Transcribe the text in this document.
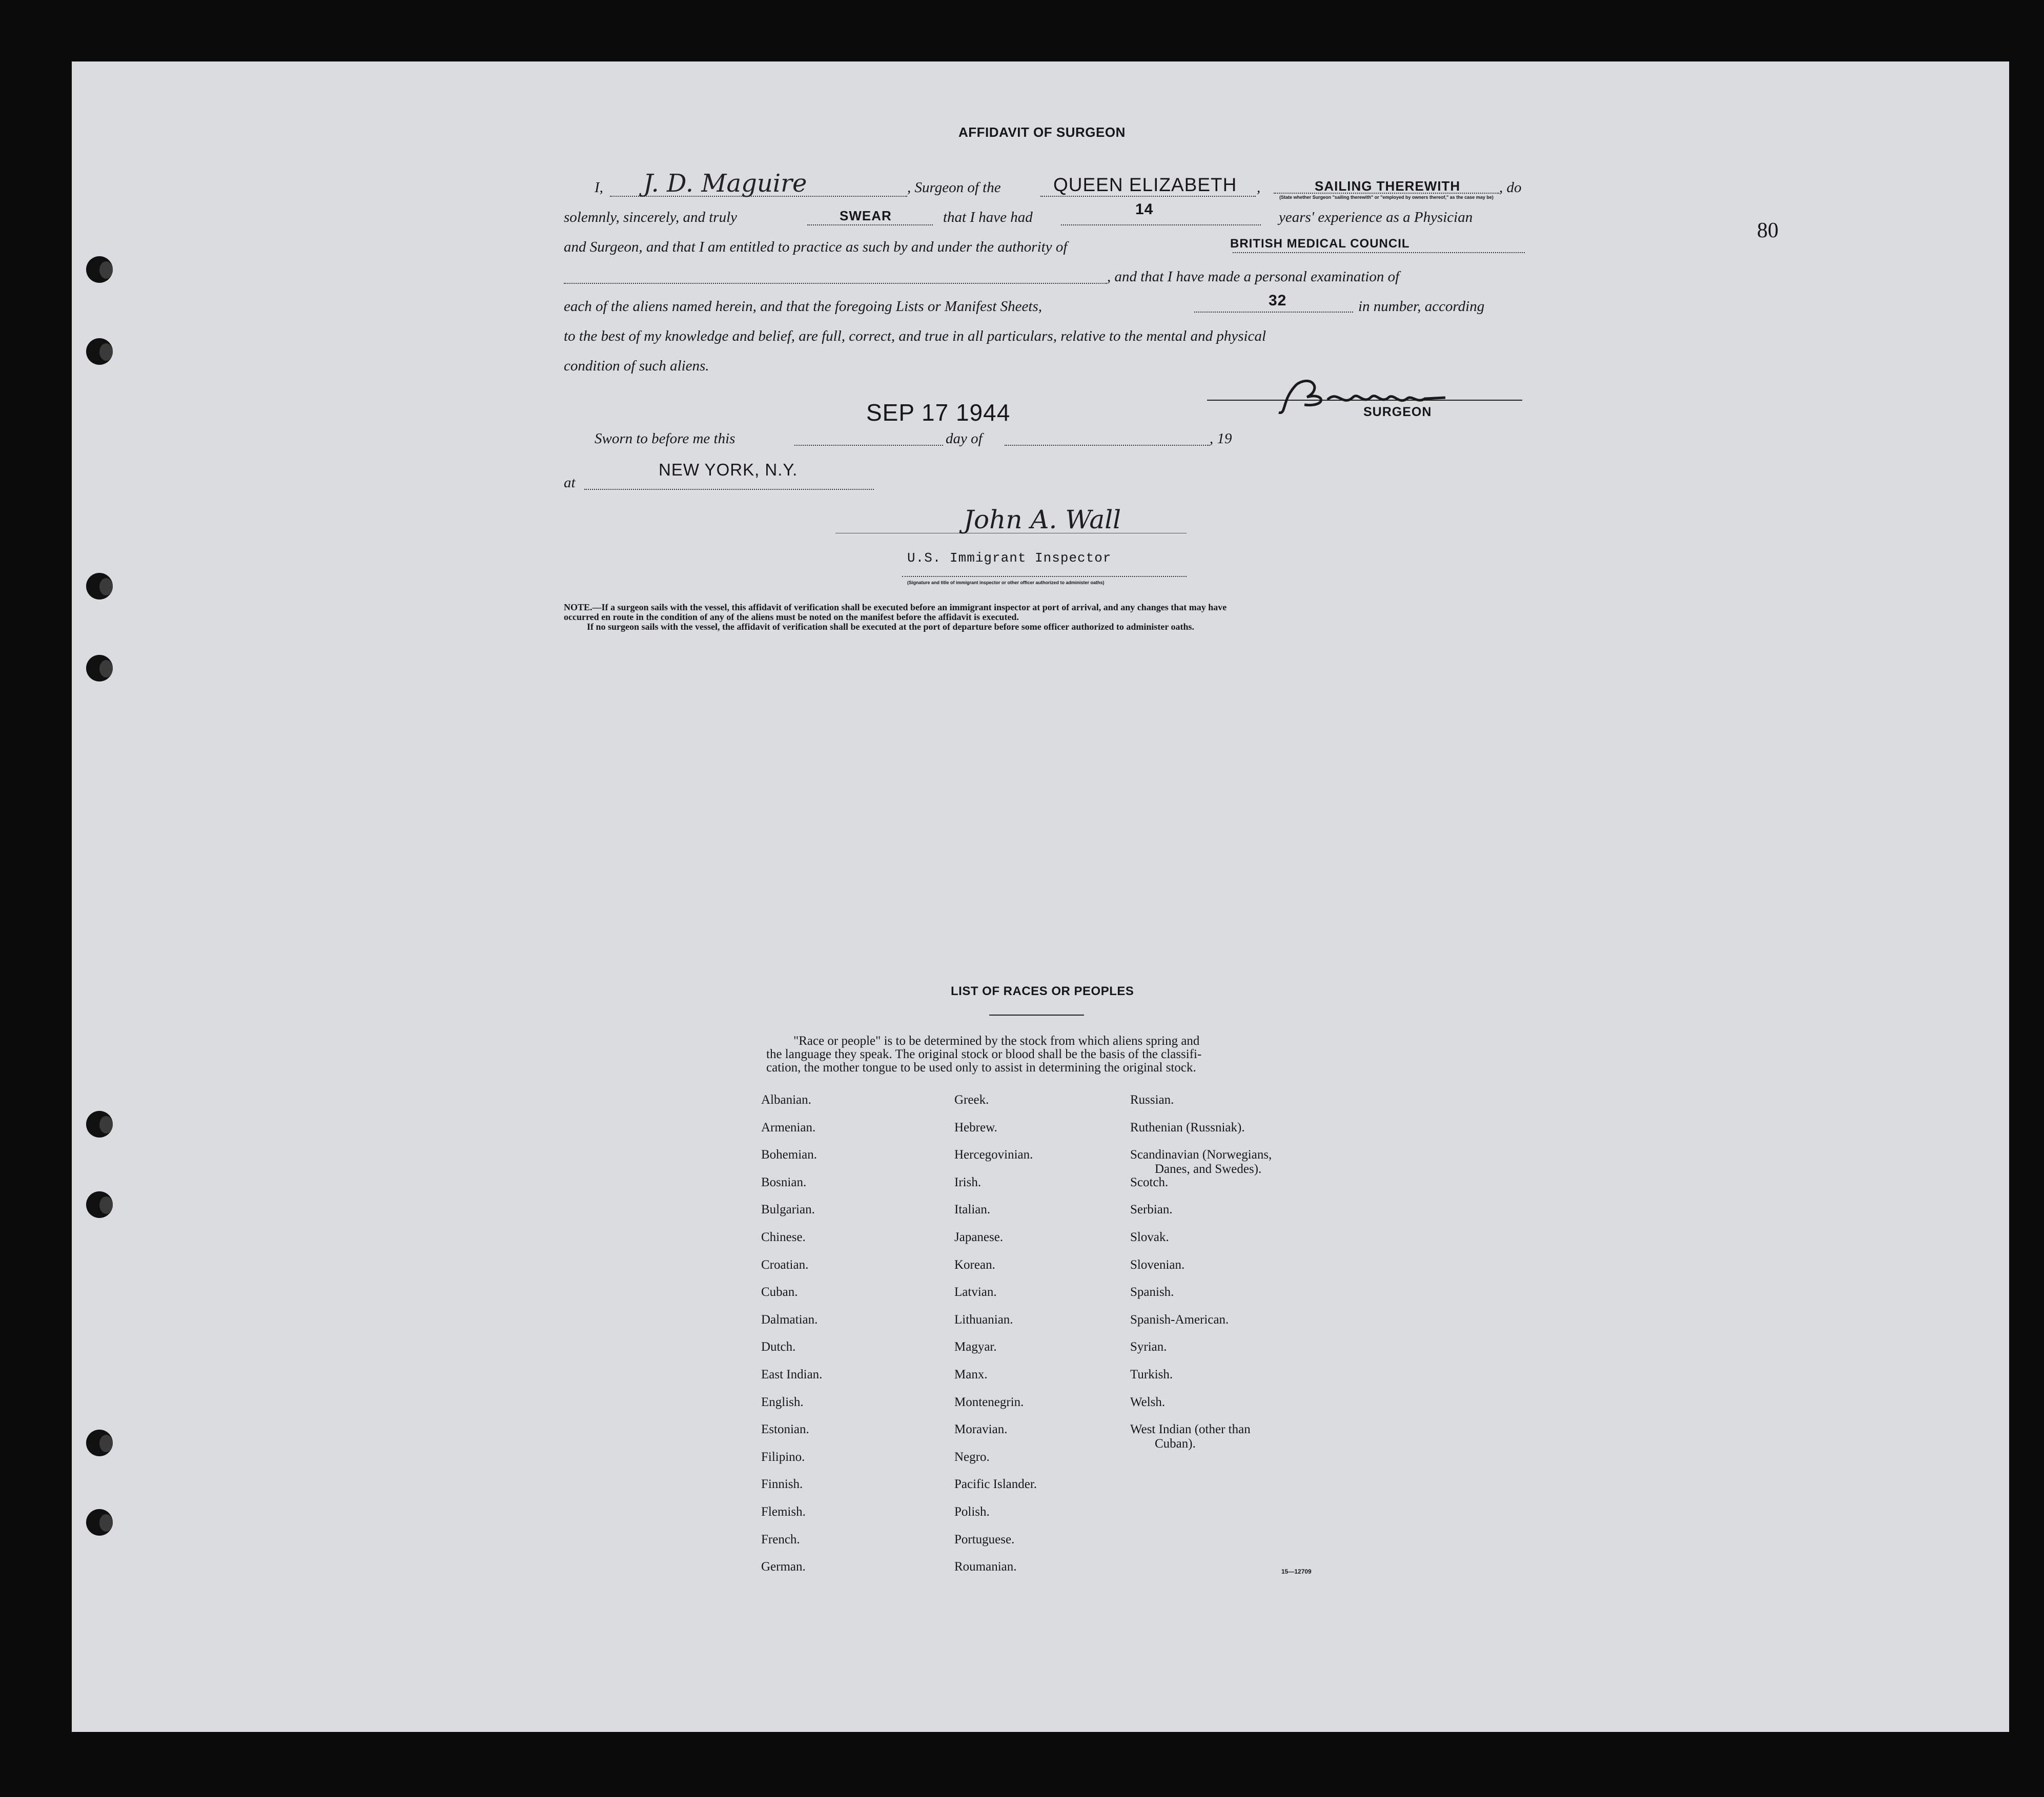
80
AFFIDAVIT OF SURGEON
I, J. D. Maguire	, Surgeon of the	QUEEN ELIZABETH ,	SAILING THEREWITH	, do
(State whether Surgeon "sailing therewith" or "employed by owners thereof," as the case may be)
solemnly, sincerely, and truly	SWEAR	that I have had	14	years' experience as a Physician
and Surgeon, and that I am entitled to practice as such by and under the authority of	BRITISH MEDICAL COUNCIL
, and that I have made a personal examination of
each of the aliens named herein, and that the foregoing Lists or Manifest Sheets,	32	in number, according
to the best of my knowledge and belief, are full, correct, and true in all particulars, relative to the mental and physical
condition of such aliens.
SURGEON
SEP 17 1944
Sworn to before me this	day of	, 19
at
NEW YORK, N.Y.
John A. Wall
U.S. Immigrant Inspector
(Signature and title of immigrant inspector or other officer authorized to administer oaths)
NOTE.—If a surgeon sails with the vessel, this affidavit of verification shall be executed before an immigrant inspector at port of arrival, and any changes that may have
occurred en route in the condition of any of the aliens must be noted on the manifest before the affidavit is executed.
If no surgeon sails with the vessel, the affidavit of verification shall be executed at the port of departure before some officer authorized to administer oaths.
LIST OF RACES OR PEOPLES
"Race or people" is to be determined by the stock from which aliens spring and
the language they speak. The original stock or blood shall be the basis of the classifi-
cation, the mother tongue to be used only to assist in determining the original stock.
Albanian.
Armenian.
Bohemian.
Bosnian.
Bulgarian.
Chinese.
Croatian.
Cuban.
Dalmatian.
Dutch.
East Indian.
English.
Estonian.
Filipino.
Finnish.
Flemish.
French.
German.
Greek.
Hebrew.
Hercegovinian.
Irish.
Italian.
Japanese.
Korean.
Latvian.
Lithuanian.
Magyar.
Manx.
Montenegrin.
Moravian.
Negro.
Pacific Islander.
Polish.
Portuguese.
Roumanian.
Russian.
Ruthenian (Russniak).
Scandinavian (Norwegians,
Danes, and Swedes).
Scotch.
Serbian.
Slovak.
Slovenian.
Spanish.
Spanish-American.
Syrian.
Turkish.
Welsh.
West Indian (other than
Cuban).
15—12709
